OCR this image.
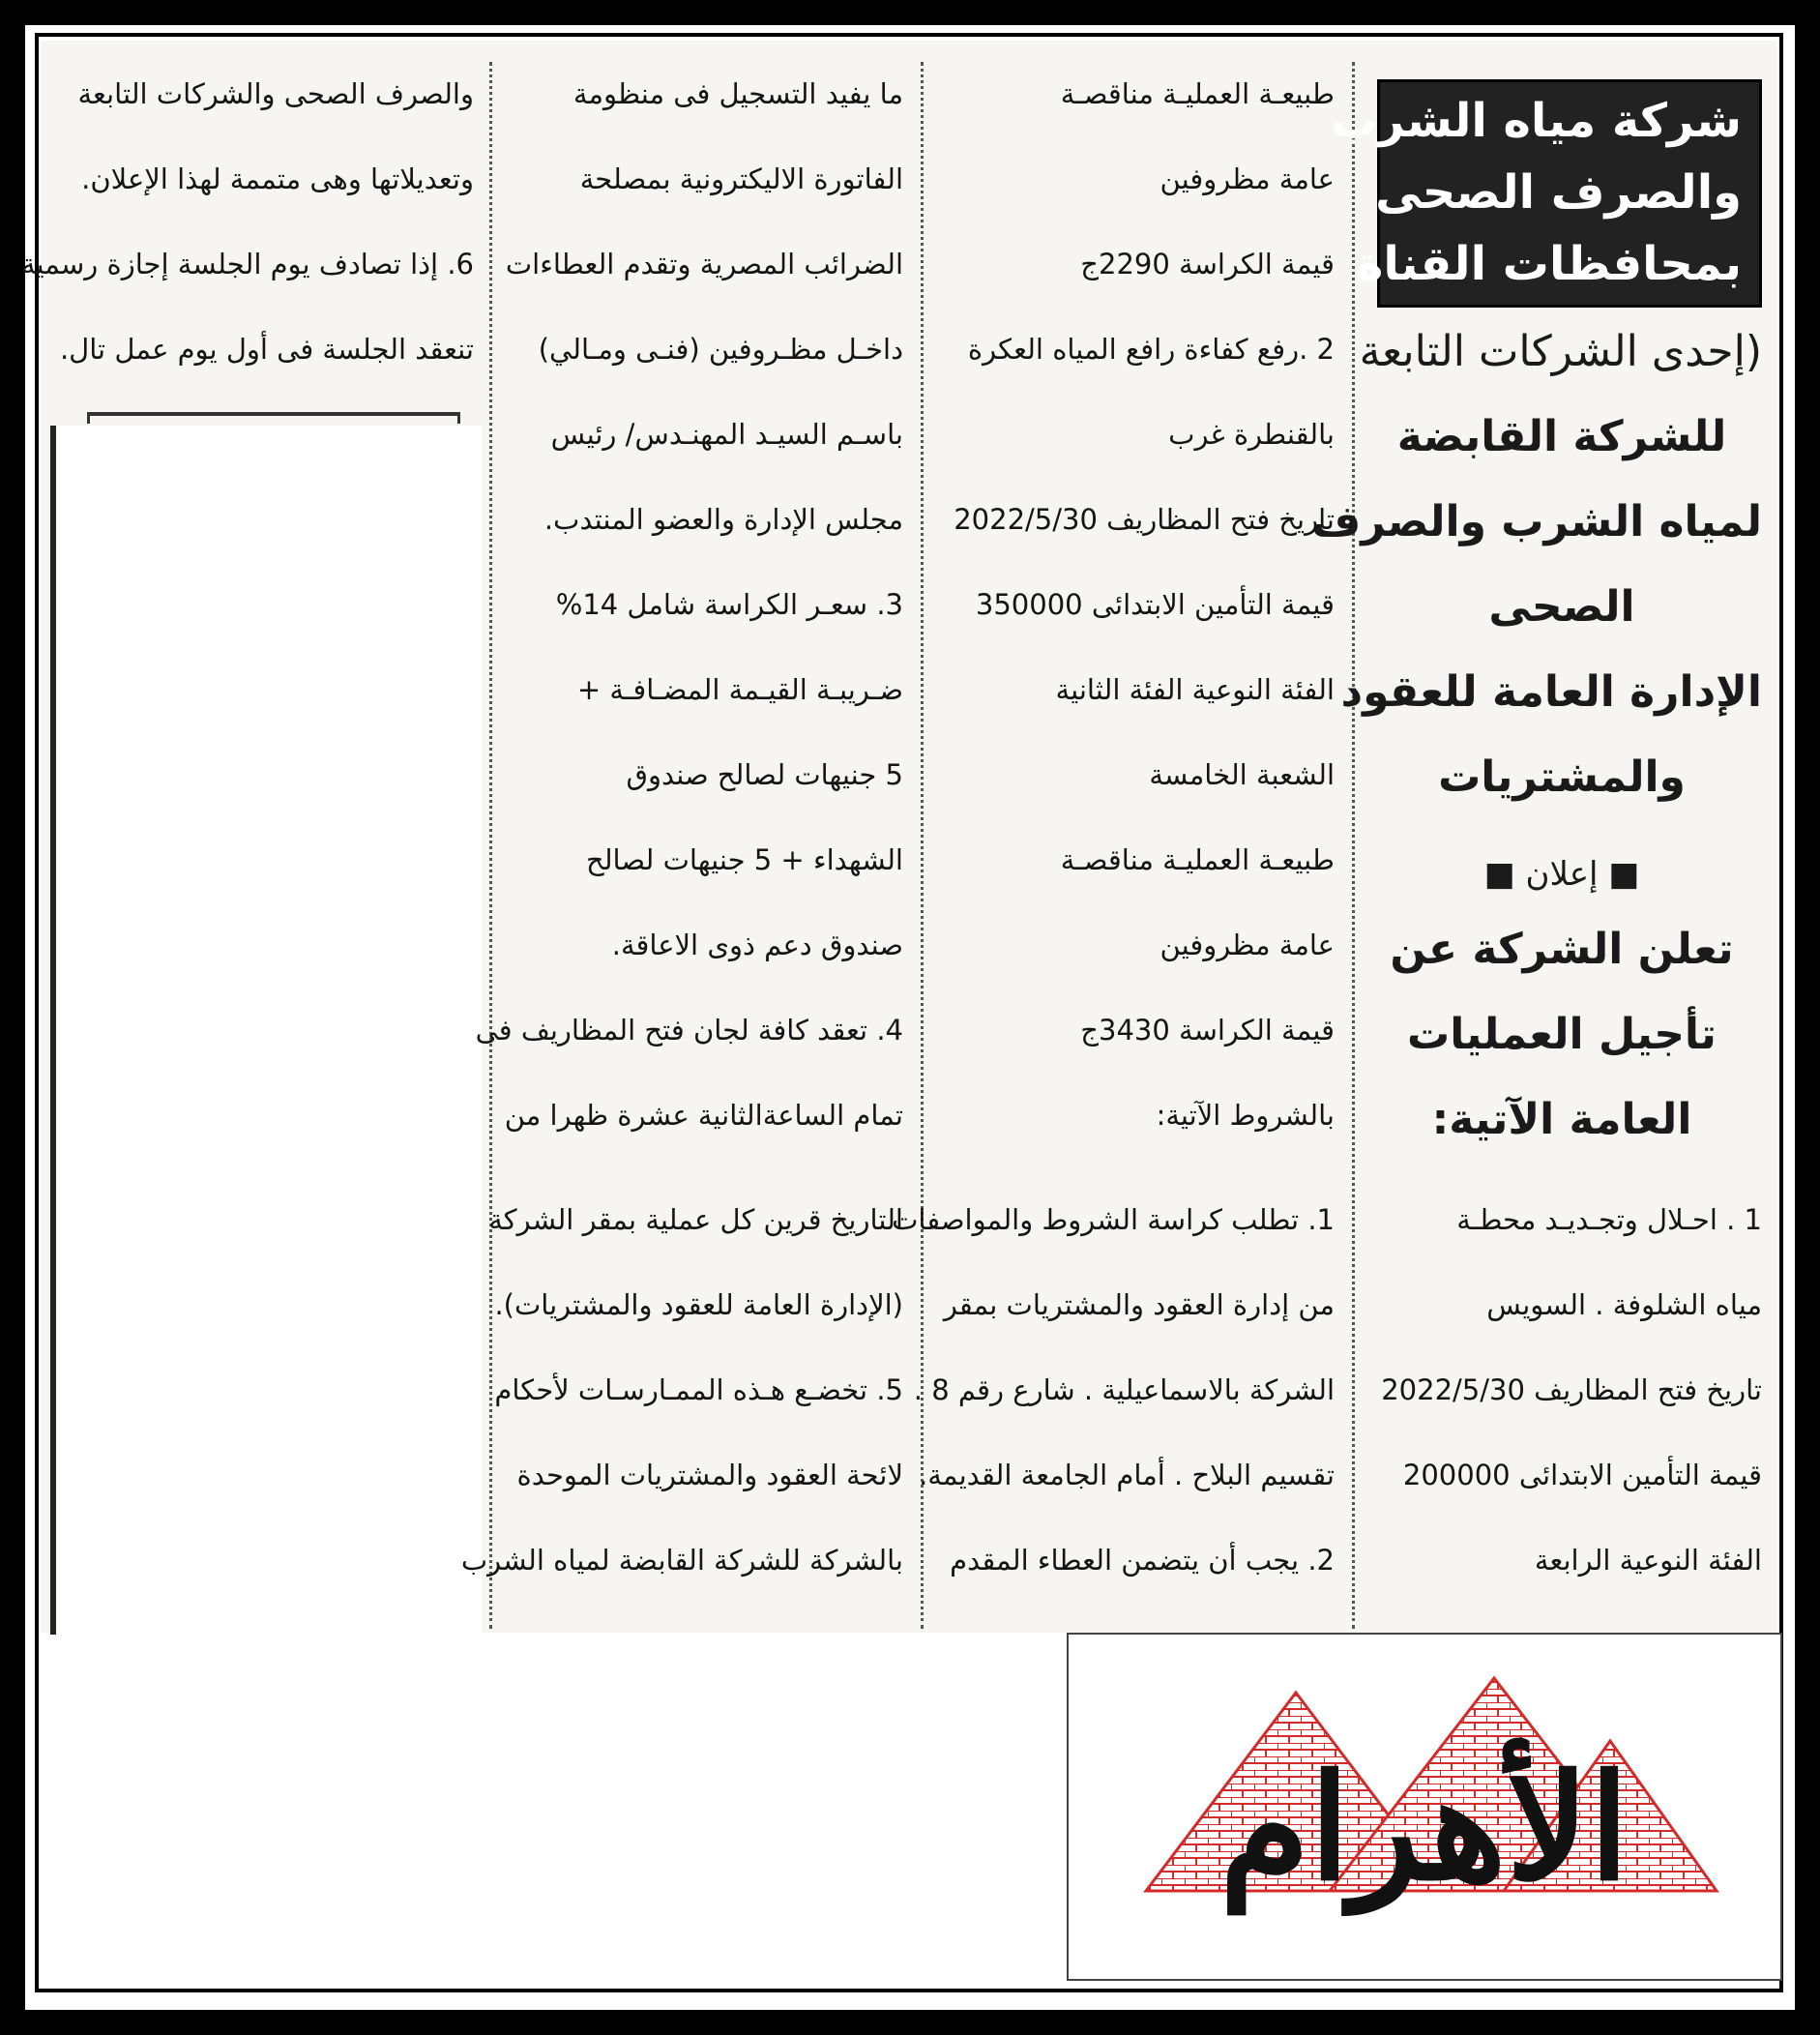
شركة مياه الشرب
والصرف الصحى
بمحافظات القناة
(إحدى الشركات التابعة
للشركة القابضة
لمياه الشرب والصرف
الصحى
الإدارة العامة للعقود
والمشتريات
■ إعلان ■
تعلن الشركة عن
تأجيل العمليات
العامة الآتية:
1 . احـلال وتجـديـد محطـة
مياه الشلوفة . السويس
تاريخ فتح المظاريف 2022/5/30
قيمة التأمين الابتدائى 200000
الفئة النوعية الرابعة
طبيعـة العمليـة مناقصـة
عامة مظروفين
قيمة الكراسة 2290ج
2 .رفع كفاءة رافع المياه العكرة
بالقنطرة غرب
تاريخ فتح المظاريف 2022/5/30
قيمة التأمين الابتدائى 350000
الفئة النوعية الفئة الثانية
الشعبة الخامسة
طبيعـة العمليـة مناقصـة
عامة مظروفين
قيمة الكراسة 3430ج
بالشروط الآتية:
1. تطلب كراسة الشروط والمواصفات
من إدارة العقود والمشتريات بمقر
الشركة بالاسماعيلية . شارع رقم 8 .
تقسيم البلاح . أمام الجامعة القديمة.
2. يجب أن يتضمن العطاء المقدم
ما يفيد التسجيل فى منظومة
الفاتورة الاليكترونية بمصلحة
الضرائب المصرية وتقدم العطاءات
داخـل مظـروفين (فنـى ومـالي)
باسـم السيـد المهنـدس/ رئيس
مجلس الإدارة والعضو المنتدب.
3. سعـر الكراسة شامل 14%
ضـريبـة القيـمة المضـافـة +
5 جنيهات لصالح صندوق
الشهداء + 5 جنيهات لصالح
صندوق دعم ذوى الاعاقة.
4. تعقد كافة لجان فتح المظاريف فى
تمام الساعةالثانية عشرة ظهرا من
التاريخ قرين كل عملية بمقر الشركة
(الإدارة العامة للعقود والمشتريات).
5. تخضـع هـذه الممـارسـات لأحكام
لائحة العقود والمشتريات الموحدة
بالشركة للشركة القابضة لمياه الشرب
والصرف الصحى والشركات التابعة
وتعديلاتها وهى متممة لهذا الإعلان.
6. إذا تصادف يوم الجلسة إجازة رسمية
تنعقد الجلسة فى أول يوم عمل تال.
الأهرام
